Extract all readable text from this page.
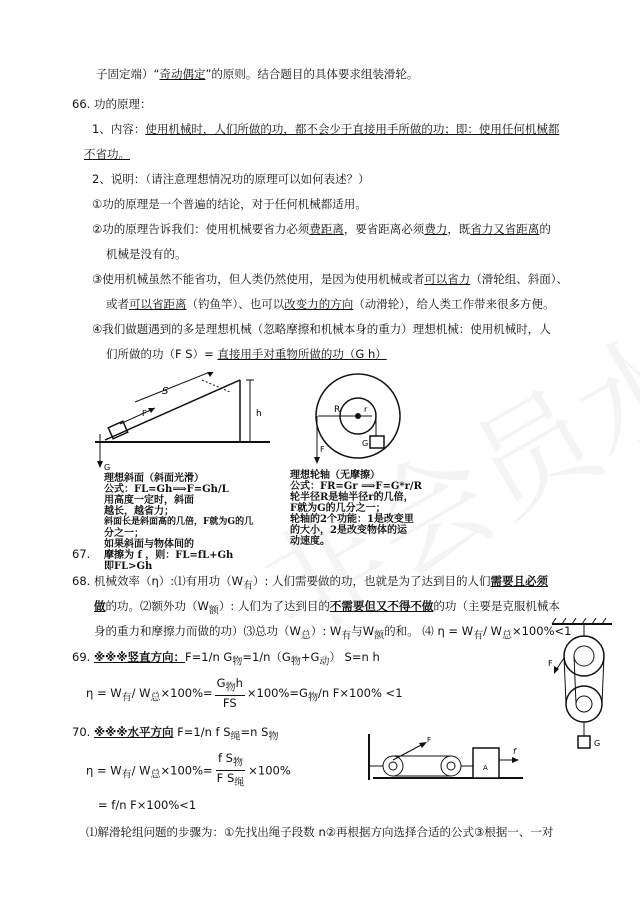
子固定端）“奇动偶定”的原则。结合题目的具体要求组装滑轮。
66. 功的原理：
1、内容：使用机械时，人们所做的功，都不会少于直接用手所做的功；即：使用任何机械都
不省功。
2、说明：（请注意理想情况功的原理可以如何表述？）
①功的原理是一个普遍的结论，对于任何机械都适用。
②功的原理告诉我们：使用机械要省力必须费距离，要省距离必须费力，既省力又省距离的
机械是没有的。
③使用机械虽然不能省功，但人类仍然使用，是因为使用机械或者可以省力（滑轮组、斜面）、
或者可以省距离（钓鱼竿）、也可以改变力的方向（动滑轮），给人类工作带来很多方便。
④我们做题遇到的多是理想机械（忽略摩擦和机械本身的重力）理想机械：使用机械时，人
们所做的功（F S）= 直接用手对重物所做的功（G h）
S
F	h
G
理想斜面（斜面光滑）
公式：FL=Gh⟹F=Gh/L
用高度一定时，斜面
越长，越省力；
斜面长是斜面高的几倍，F就为G的几
分之一；
如果斜面与物体间的
摩擦为 f ，则：FL=fL+Gh
即FL>Gh
R	r
F
G
理想轮轴（无摩擦）
公式：FR=Gr ⟹F=G*r/R
轮半径R是轴半径r的几倍，
F就为G的几分之一；
轮轴的2个功能：1是改变里
的大小，2是改变物体的运
动速度。
67.
68. 机械效率（η）:⑴有用功$(W_有)$: 人们需要做的功，也就是为了达到目的人们需要且必须
做的功。⑵额外功$(W_额)$: 人们为了达到目的不需要但又不得不做的功（主要是克服机械本
身的重力和摩擦力而做的功）⑶总功$(W_总)$: $W_有$与$W_额$的和。 ⑷ $\eta = W_有/$ $W_总\times 100\%<1$
69. ※※※竖直方向：F=1/n $G_物=1/n(G_物+G_动)$ S=n h
$\eta = W_有/$ $W_总\times 100\%= \frac{G_物h}{FS} \times 100\%=G_物/n$ F×100% <1
70. ※※※水平方向 F=1/n f $S_绳=n$ $S_物$
$\eta = W_有/$ $W_总\times 100\%= \frac{f S_物}{F S_绳} \times 100\%$
= f/n F×100%<1
⑴解滑轮组问题的步骤为：①先找出绳子段数 n②再根据方向选择合适的公式③根据一、一对
F
G
F
A
f
